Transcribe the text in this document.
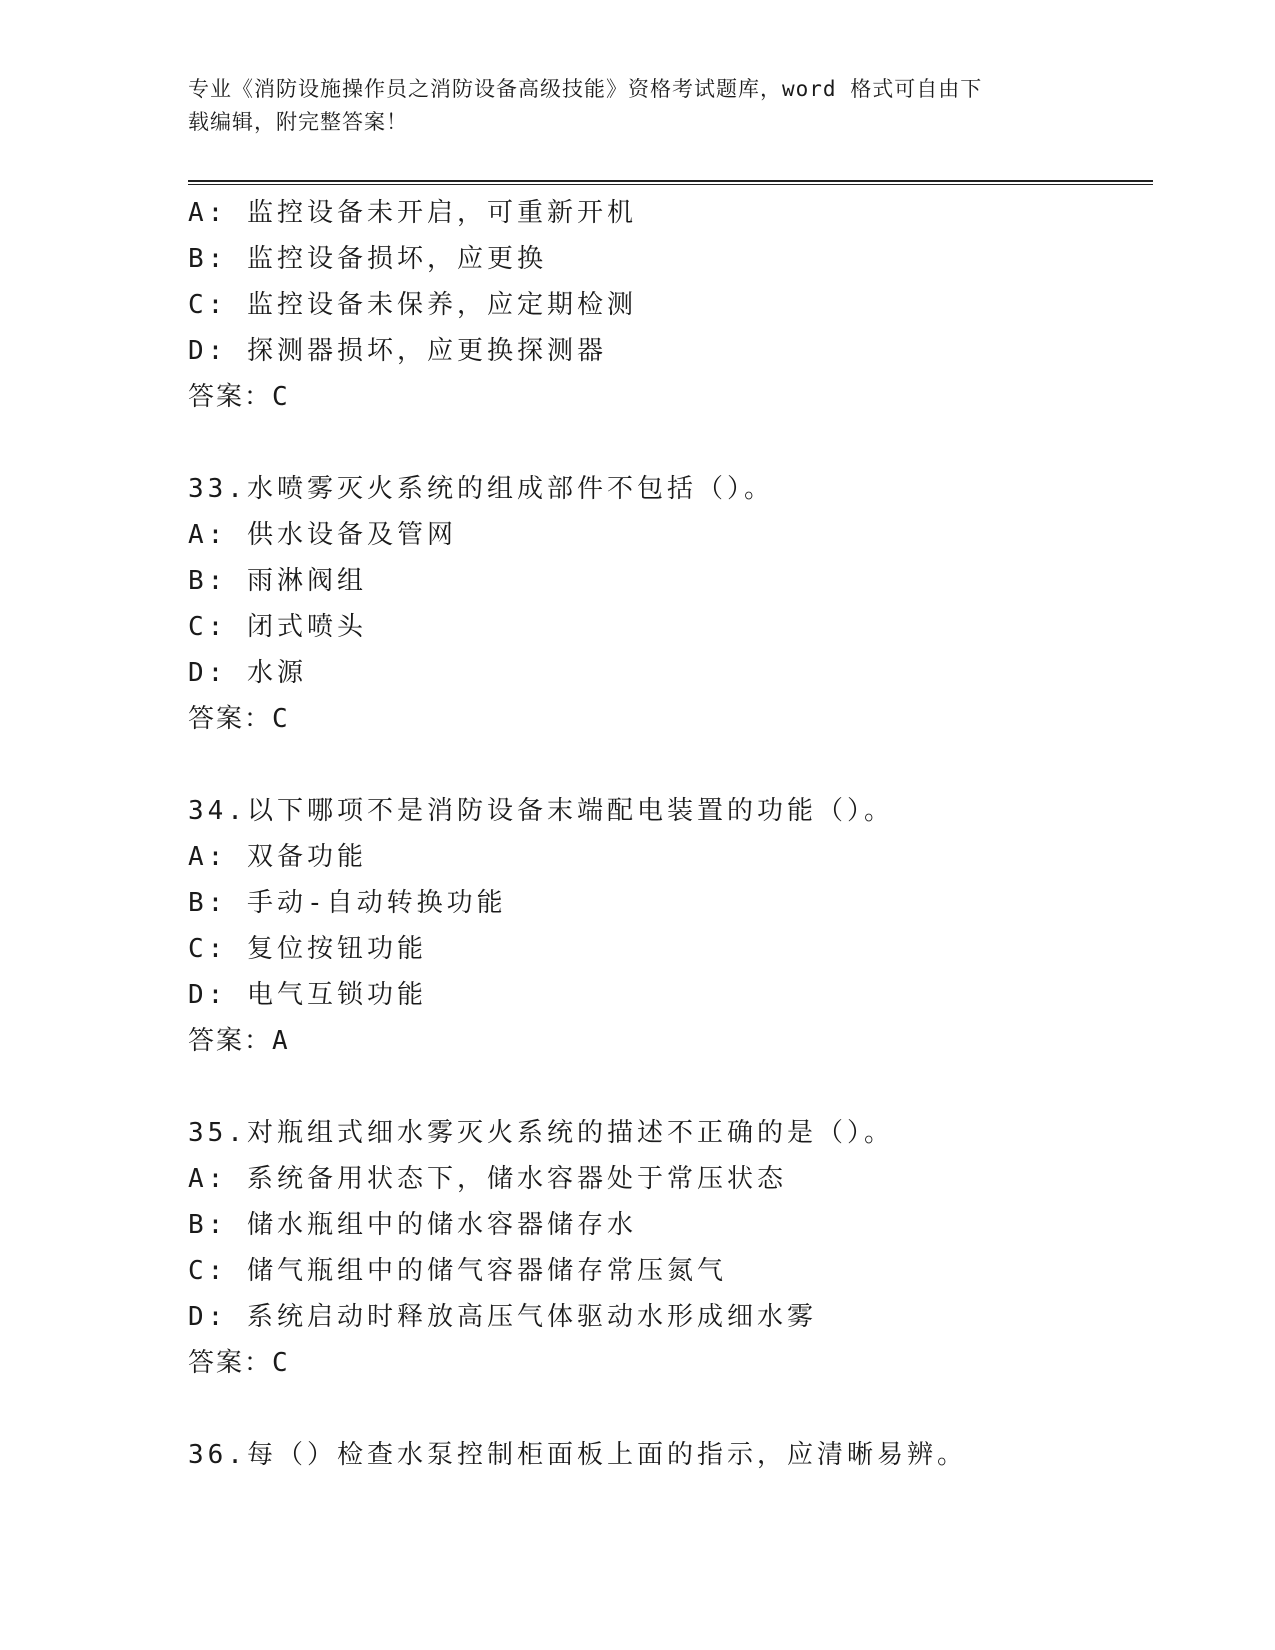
专业《消防设施操作员之消防设备高级技能》资格考试题库，word 格式可自由下
载编辑，附完整答案！
A: 监控设备未开启，可重新开机
B: 监控设备损坏，应更换
C: 监控设备未保养，应定期检测
D: 探测器损坏，应更换探测器
答案：C
33.水喷雾灭火系统的组成部件不包括（）。
A: 供水设备及管网
B: 雨淋阀组
C: 闭式喷头
D: 水源
答案：C
34.以下哪项不是消防设备末端配电装置的功能（）。
A: 双备功能
B: 手动-自动转换功能
C: 复位按钮功能
D: 电气互锁功能
答案：A
35.对瓶组式细水雾灭火系统的描述不正确的是（）。
A: 系统备用状态下，储水容器处于常压状态
B: 储水瓶组中的储水容器储存水
C: 储气瓶组中的储气容器储存常压氮气
D: 系统启动时释放高压气体驱动水形成细水雾
答案：C
36.每（）检查水泵控制柜面板上面的指示，应清晰易辨。
